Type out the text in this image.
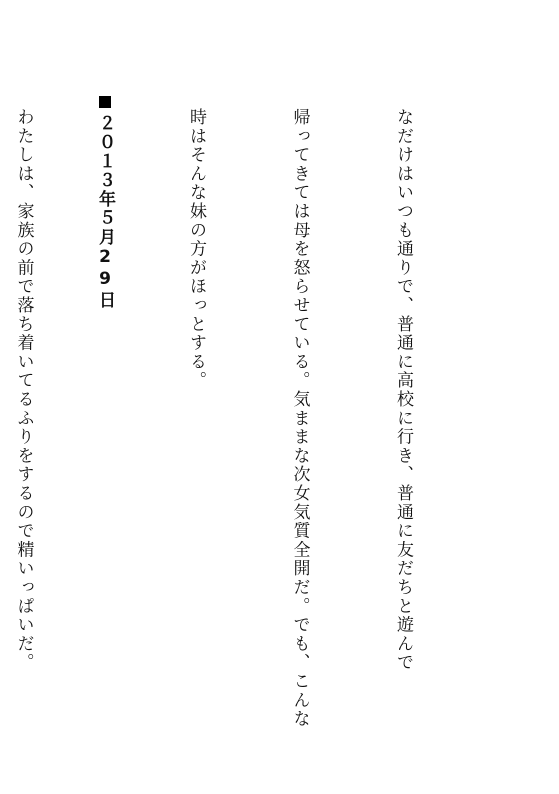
なだけはいつも通りで、普通に高校に行き、普通に友だちと遊んで

帰ってきては母を怒らせている。気ままな次女気質全開だ。でも、こんな

時はそんな妹の方がほっとする。

わたしは、家族の前で落ち着いてるふりをするので精いっぱいだ。

	２０１３年５月29日
